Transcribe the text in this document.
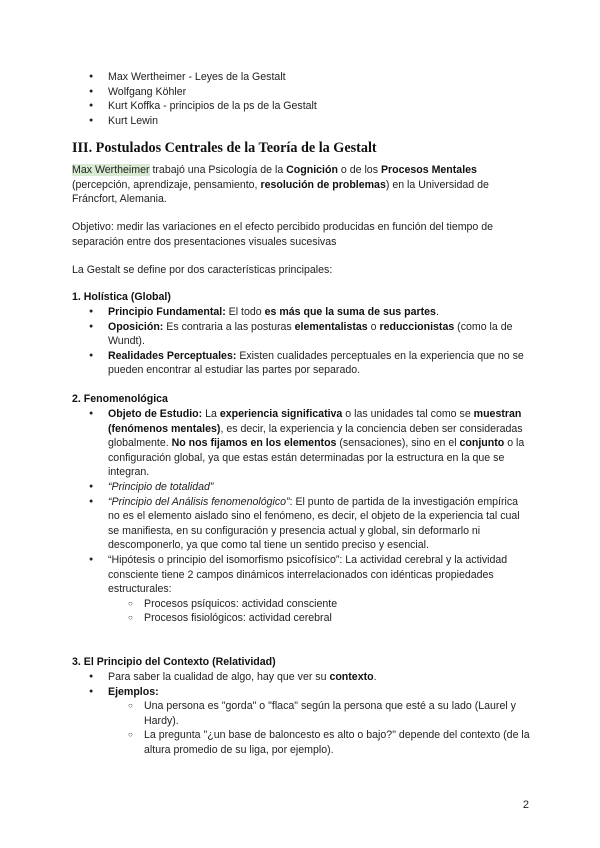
● Max Wertheimer - Leyes de la Gestalt
● Wolfgang Köhler
● Kurt Koffka - principios de la ps de la Gestalt
● Kurt Lewin
III. Postulados Centrales de la Teoría de la Gestalt
Max Wertheimer trabajó una Psicología de la Cognición o de los Procesos Mentales (percepción, aprendizaje, pensamiento, resolución de problemas) en la Universidad de Fráncfort, Alemania.
Objetivo: medir las variaciones en el efecto percibido producidas en función del tiempo de separación entre dos presentaciones visuales sucesivas
La Gestalt se define por dos características principales:
1. Holística (Global)
● Principio Fundamental: El todo es más que la suma de sus partes.
● Oposición: Es contraria a las posturas elementalistas o reduccionistas (como la de Wundt).
● Realidades Perceptuales: Existen cualidades perceptuales en la experiencia que no se pueden encontrar al estudiar las partes por separado.
2. Fenomenológica
● Objeto de Estudio: La experiencia significativa o las unidades tal como se muestran (fenómenos mentales), es decir, la experiencia y la conciencia deben ser consideradas globalmente. No nos fijamos en los elementos (sensaciones), sino en el conjunto o la configuración global, ya que estas están determinadas por la estructura en la que se integran.
● “Principio de totalidad”
● “Principio del Análisis fenomenológico”: El punto de partida de la investigación empírica no es el elemento aislado sino el fenómeno, es decir, el objeto de la experiencia tal cual se manifiesta, en su configuración y presencia actual y global, sin deformarlo ni descomponerlo, ya que como tal tiene un sentido preciso y esencial.
● “Hipótesis o principio del isomorfismo psicofísico”: La actividad cerebral y la actividad consciente tiene 2 campos dinámicos interrelacionados con idénticas propiedades estructurales:
○ Procesos psíquicos: actividad consciente
○ Procesos fisiológicos: actividad cerebral
3. El Principio del Contexto (Relatividad)
● Para saber la cualidad de algo, hay que ver su contexto.
● Ejemplos:
○ Una persona es "gorda" o "flaca" según la persona que esté a su lado (Laurel y Hardy).
○ La pregunta "¿un base de baloncesto es alto o bajo?" depende del contexto (de la altura promedio de su liga, por ejemplo).
2
